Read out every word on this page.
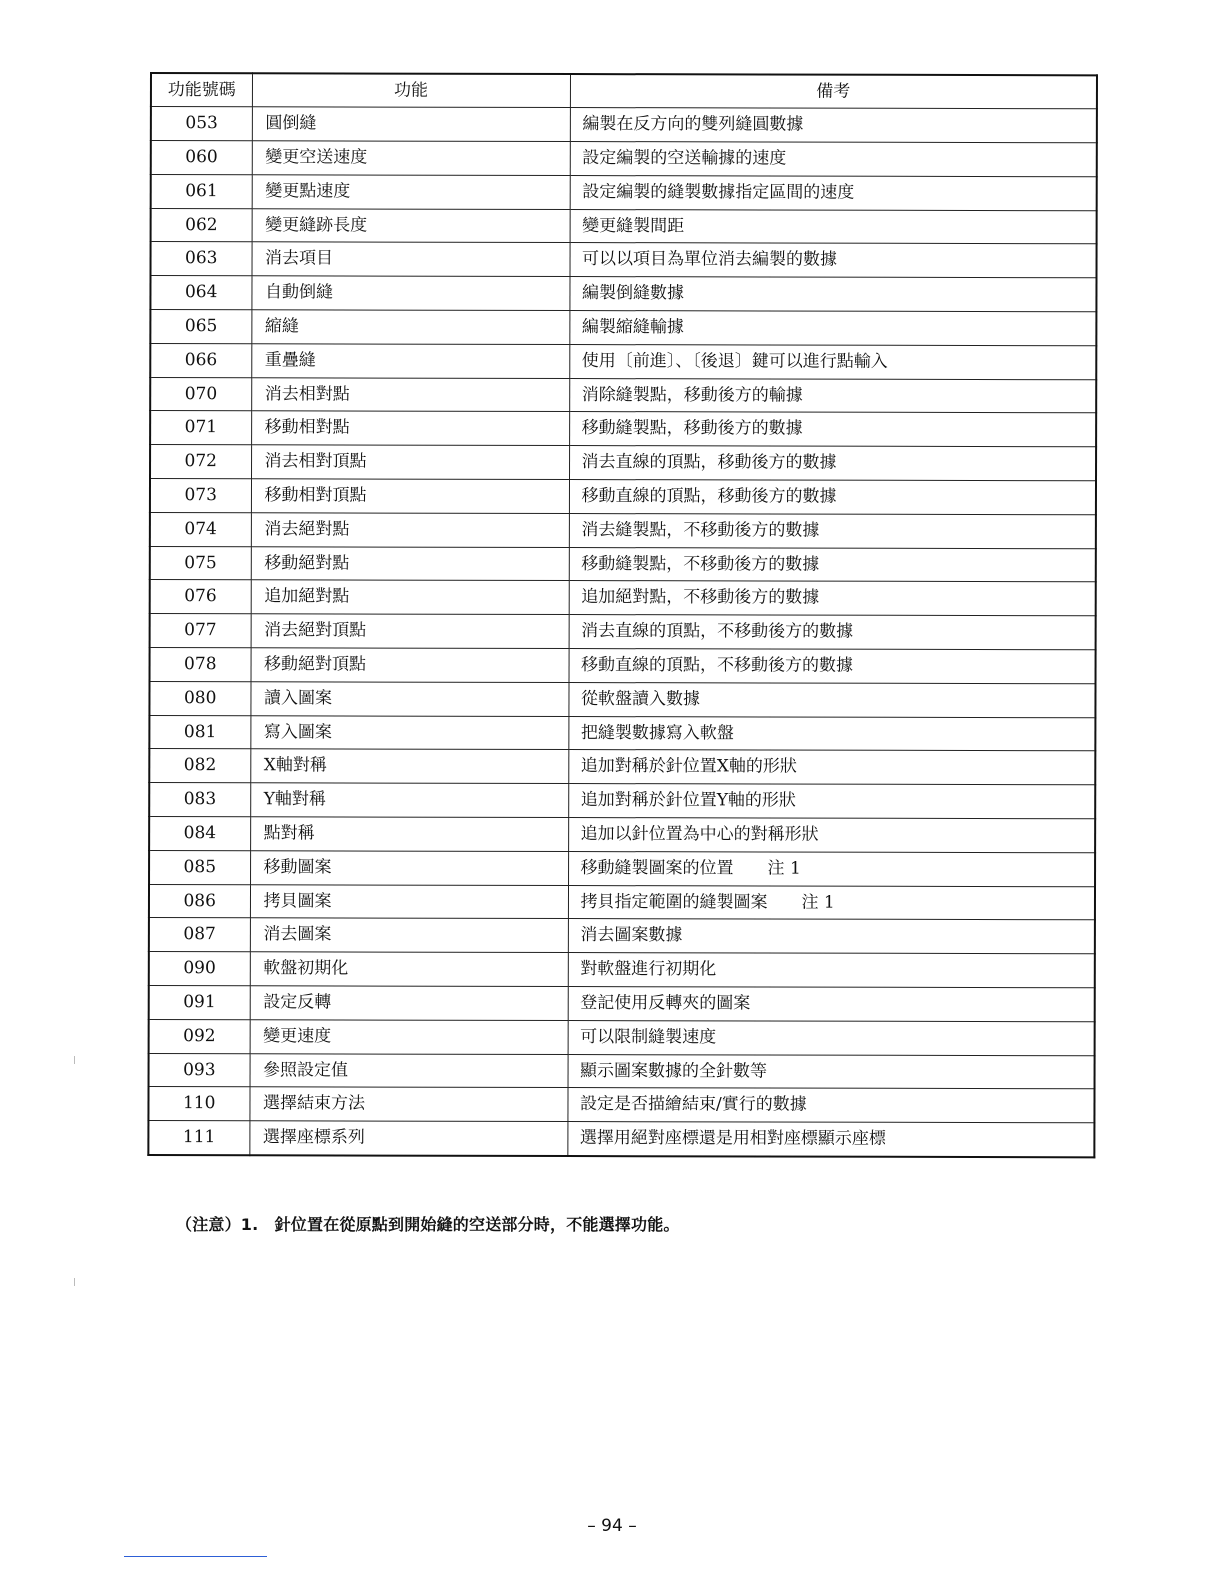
功能號碼	功能	備考
053	圓倒縫	編製在反方向的雙列縫圓數據
060	變更空送速度	設定編製的空送輸據的速度
061	變更點速度	設定編製的縫製數據指定區間的速度
062	變更縫跡長度	變更縫製間距
063	消去項目	可以以項目為單位消去編製的數據
064	自動倒縫	編製倒縫數據
065	縮縫	編製縮縫輸據
066	重疊縫	使用〔前進〕、〔後退〕鍵可以進行點輸入
070	消去相對點	消除縫製點，移動後方的輸據
071	移動相對點	移動縫製點，移動後方的數據
072	消去相對頂點	消去直線的頂點，移動後方的數據
073	移動相對頂點	移動直線的頂點，移動後方的數據
074	消去絕對點	消去縫製點，不移動後方的數據
075	移動絕對點	移動縫製點，不移動後方的數據
076	追加絕對點	追加絕對點，不移動後方的數據
077	消去絕對頂點	消去直線的頂點，不移動後方的數據
078	移動絕對頂點	移動直線的頂點，不移動後方的數據
080	讀入圖案	從軟盤讀入數據
081	寫入圖案	把縫製數據寫入軟盤
082	X軸對稱	追加對稱於針位置X軸的形狀
083	Y軸對稱	追加對稱於針位置Y軸的形狀
084	點對稱	追加以針位置為中心的對稱形狀
085	移動圖案	移動縫製圖案的位置　　注 1
086	拷貝圖案	拷貝指定範圍的縫製圖案　　注 1
087	消去圖案	消去圖案數據
090	軟盤初期化	對軟盤進行初期化
091	設定反轉	登記使用反轉夾的圖案
092	變更速度	可以限制縫製速度
093	參照設定值	顯示圖案數據的全針數等
110	選擇結束方法	設定是否描繪結束/實行的數據
111	選擇座標系列	選擇用絕對座標還是用相對座標顯示座標
（注意）1.　針位置在從原點到開始縫的空送部分時，不能選擇功能。
– 94 –
